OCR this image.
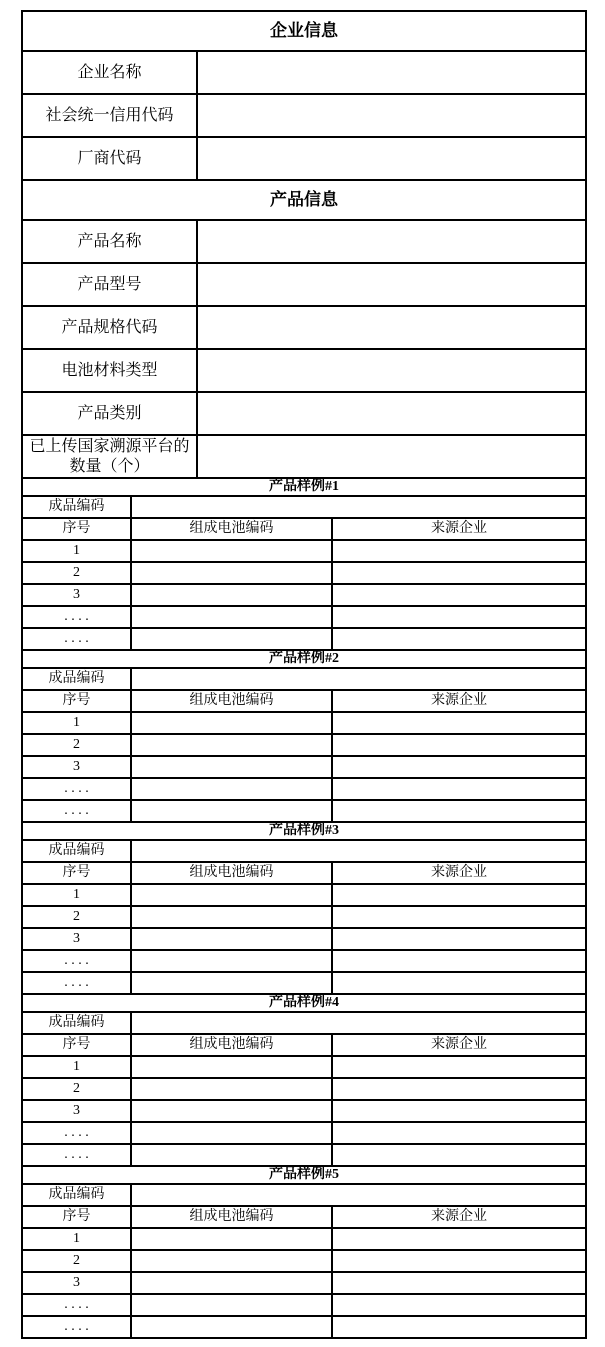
企业信息	
企业名称	
社会统一信用代码	
厂商代码	
产品信息	
产品名称	
产品型号	
产品规格代码	
电池材料类型	
产品类别	
已上传国家溯源平台的数量（个）	
产品样例#1		
成品编码		
序号	组成电池编码	来源企业
1		
2		
3		
. . . .		
. . . .		
产品样例#2		
成品编码		
序号	组成电池编码	来源企业
1		
2		
3		
. . . .		
. . . .		
产品样例#3		
成品编码		
序号	组成电池编码	来源企业
1		
2		
3		
. . . .		
. . . .		
产品样例#4		
成品编码		
序号	组成电池编码	来源企业
1		
2		
3		
. . . .		
. . . .		
产品样例#5		
成品编码		
序号	组成电池编码	来源企业
1		
2		
3		
. . . .		
. . . .		
